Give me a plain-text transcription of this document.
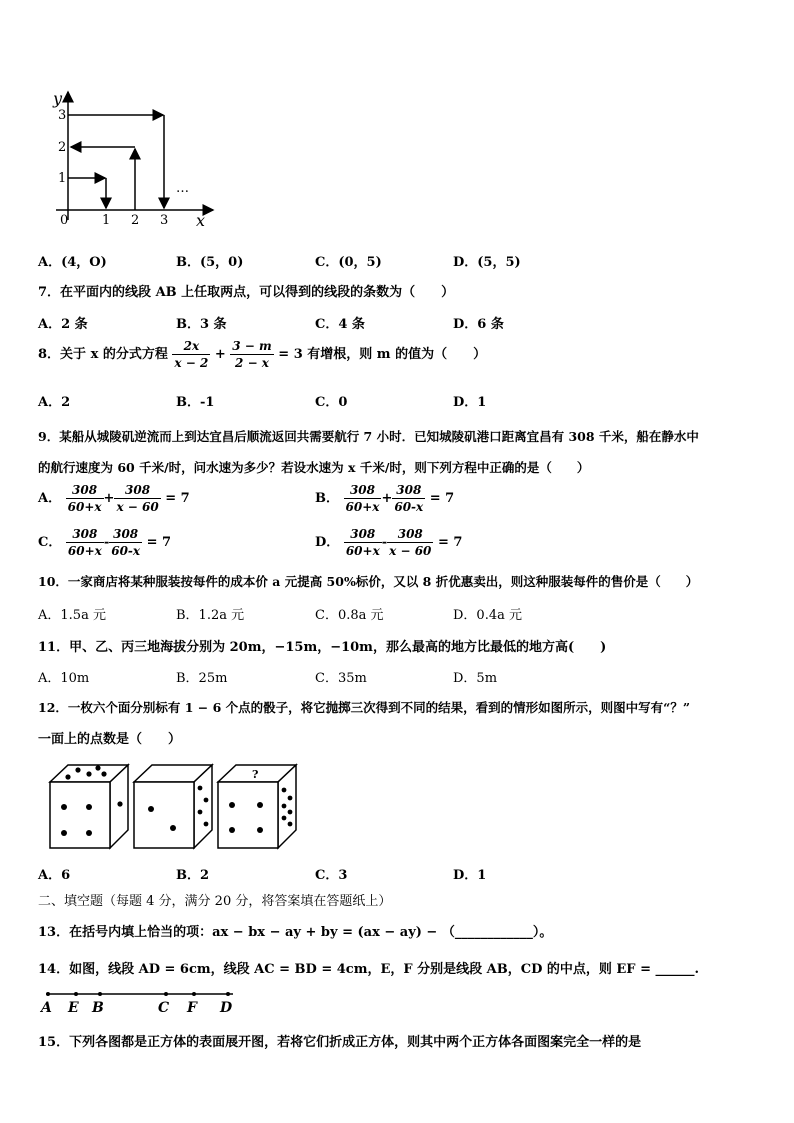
y
x
1
2
3
0	1 2 3
…
A．(4，O)	B．(5，0)	C．(0，5)	D．(5，5)
7．在平面内的线段 AB 上任取两点，可以得到的线段的条数为（　　）
A．2 条	B．3 条	C．4 条	D．6 条
8．关于 x 的分式方程 $\frac{2x}{x - 2} + \frac{3 - m}{2 - x} = 3$ 有增根，则 m 的值为（　　）
A．2	B．-1	C．0	D．1
9．某船从城陵矶逆流而上到达宜昌后顺流返回共需要航行 7 小时．已知城陵矶港口距离宜昌有 308 千米，船在静水中
的航行速度为 60 千米/时，问水速为多少？若设水速为 x 千米/时，则下列方程中正确的是（　　）
A． $\frac{308}{60+x} + \frac{308}{x - 60} = 7$	B． $\frac{308}{60+x} + \frac{308}{60-x} = 7$
C． $\frac{308}{60+x} - \frac{308}{60-x} = 7$	D． $\frac{308}{60+x} - \frac{308}{x - 60} = 7$
10．一家商店将某种服装按每件的成本价 a 元提高 50%标价，又以 8 折优惠卖出，则这种服装每件的售价是（　　）
A．1.5a 元	B．1.2a 元	C．0.8a 元	D．0.4a 元
11．甲、乙、丙三地海拔分别为 20m，−15m，−10m，那么最高的地方比最低的地方高(　　)
A．10m	B．25m	C．35m	D．5m
12．一枚六个面分别标有 1 − 6 个点的骰子，将它抛掷三次得到不同的结果，看到的情形如图所示，则图中写有“？”
一面上的点数是（　　）
?
A．6	B．2	C．3	D．1
二、填空题（每题 4 分，满分 20 分，将答案填在答题纸上）
13．在括号内填上恰当的项：ax − bx − ay + by = (ax − ay) − （____________）。
14．如图，线段 AD = 6cm，线段 AC = BD = 4cm，E，F 分别是线段 AB，CD 的中点，则 EF = ______.
A E B	C F D
15．下列各图都是正方体的表面展开图，若将它们折成正方体，则其中两个正方体各面图案完全一样的是
